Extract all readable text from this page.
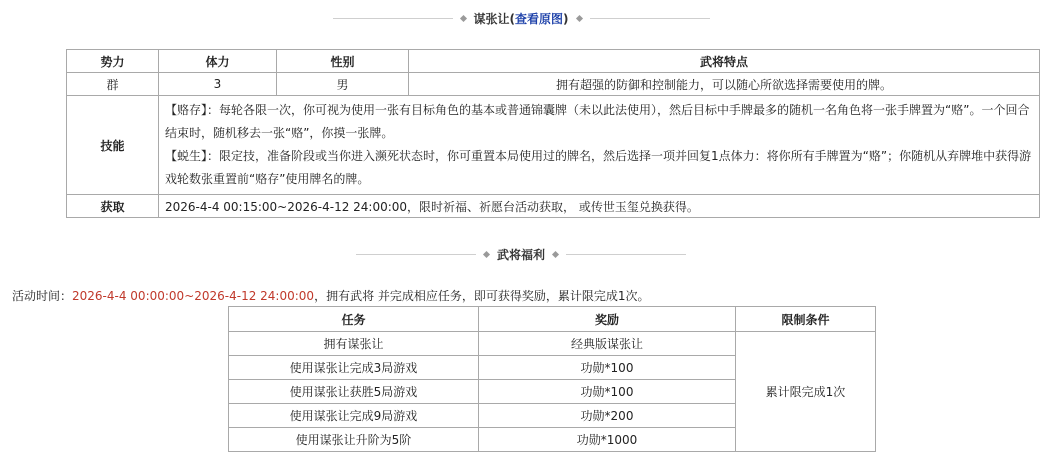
谋张让(查看原图)
势力	体力	性别	武将特点
群	3	男	拥有超强的防御和控制能力，可以随心所欲选择需要使用的牌。
技能	【赂存】：每轮各限一次，你可视为使用一张有目标角色的基本或普通锦囊牌（未以此法使用），然后目标中手牌最多的随机一名角色将一张手牌置为“赂”。一个回合结束时，随机移去一张“赂”，你摸一张牌。
【蜕生】：限定技，准备阶段或当你进入濒死状态时，你可重置本局使用过的牌名，然后选择一项并回复1点体力：将你所有手牌置为“赂”；你随机从弃牌堆中获得游戏轮数张重置前“赂存”使用牌名的牌。		

获取	2026-4-4 00:15:00~2026-4-12 24:00:00，限时祈福、祈愿台活动获取， 或传世玉玺兑换获得。		
武将福利
活动时间：2026-4-4 00:00:00~2026-4-12 24:00:00，拥有武将 并完成相应任务，即可获得奖励，累计限完成1次。
任务	奖励	限制条件
拥有谋张让	经典版谋张让	累计限完成1次
使用谋张让完成3局游戏	功勋*100	
使用谋张让获胜5局游戏	功勋*100	
使用谋张让完成9局游戏	功勋*200	
使用谋张让升阶为5阶	功勋*1000	
